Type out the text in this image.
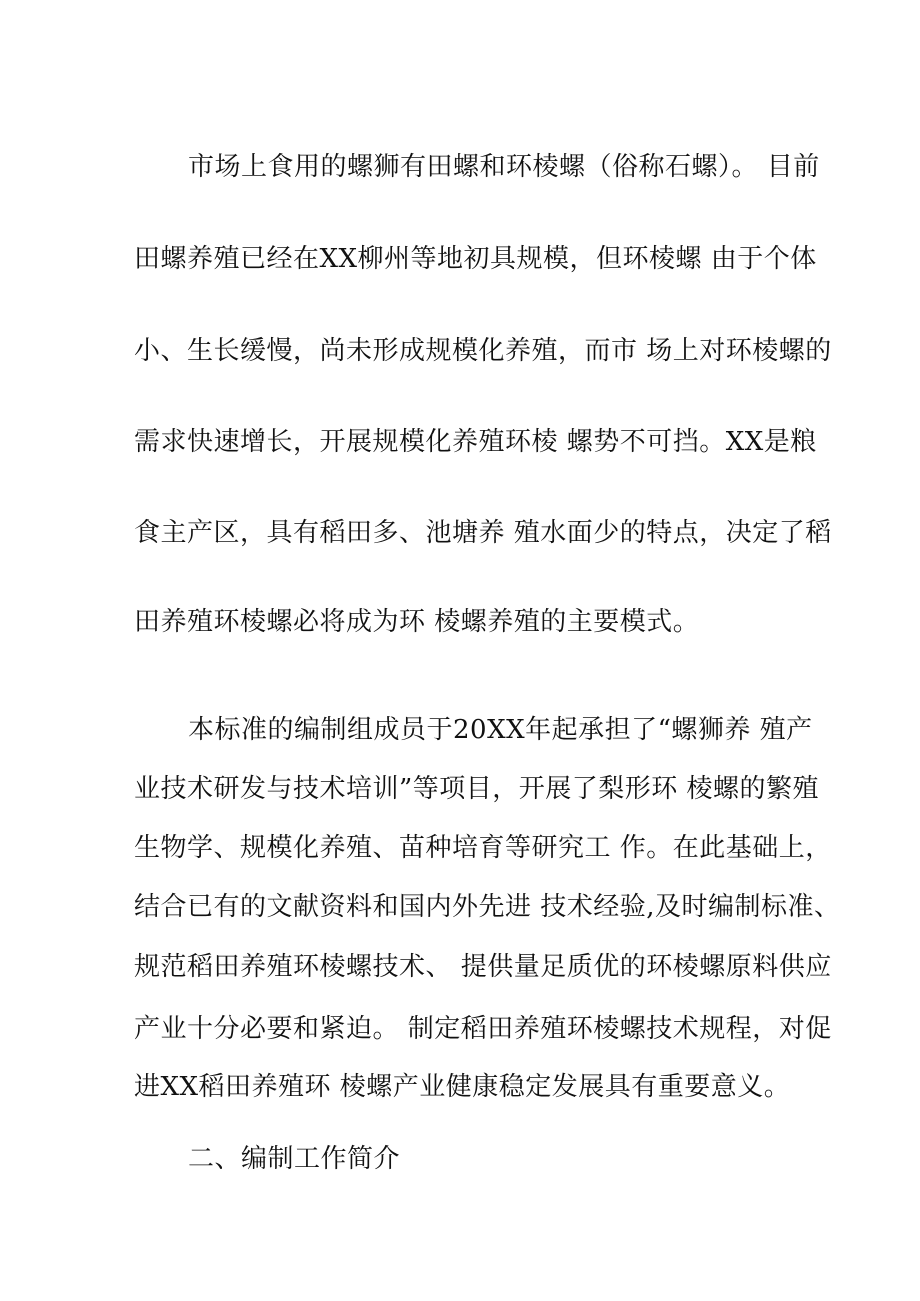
市场上食用的螺狮有田螺和环棱螺（俗称石螺）。 目前

田螺养殖已经在XX柳州等地初具规模，但环棱螺 由于个体

小、生长缓慢，尚未形成规模化养殖，而市 场上对环棱螺的

需求快速增长，开展规模化养殖环棱 螺势不可挡。XX是粮

食主产区，具有稻田多、池塘养 殖水面少的特点，决定了稻

田养殖环棱螺必将成为环 棱螺养殖的主要模式。

本标准的编制组成员于20XX年起承担了“螺狮养 殖产

业技术研发与技术培训”等项目，开展了梨形环 棱螺的繁殖

生物学、规模化养殖、苗种培育等研究工 作。在此基础上，

结合已有的文献资料和国内外先进 技术经验,及时编制标准、

规范稻田养殖环棱螺技术、 提供量足质优的环棱螺原料供应

产业十分必要和紧迫。 制定稻田养殖环棱螺技术规程，对促

进XX稻田养殖环 棱螺产业健康稳定发展具有重要意义。

二、编制工作简介
